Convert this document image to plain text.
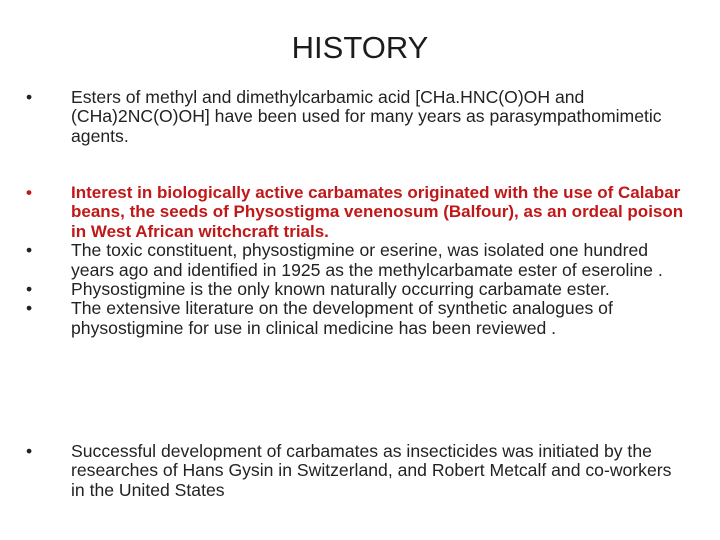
HISTORY
•	Esters of methyl and dimethylcarbamic acid [CHa.HNC(O)OH and (CHa)2NC(O)OH] have been used for many years as parasympathomimetic agents.
•	Interest in biologically active carbamates originated with the use of Calabar beans, the seeds of Physostigma venenosum (Balfour), as an ordeal poison in West African witchcraft trials.
•	The toxic constituent, physostigmine or eserine, was isolated one hundred years ago and identified in 1925 as the methylcarbamate ester of eseroline .
•	Physostigmine is the only known naturally occurring carbamate ester.
•	The extensive literature on the development of synthetic analogues of physostigmine for use in clinical medicine has been reviewed .
•	Successful development of carbamates as insecticides was initiated by the researches of Hans Gysin in Switzerland, and Robert Metcalf and co-workers in the United States
